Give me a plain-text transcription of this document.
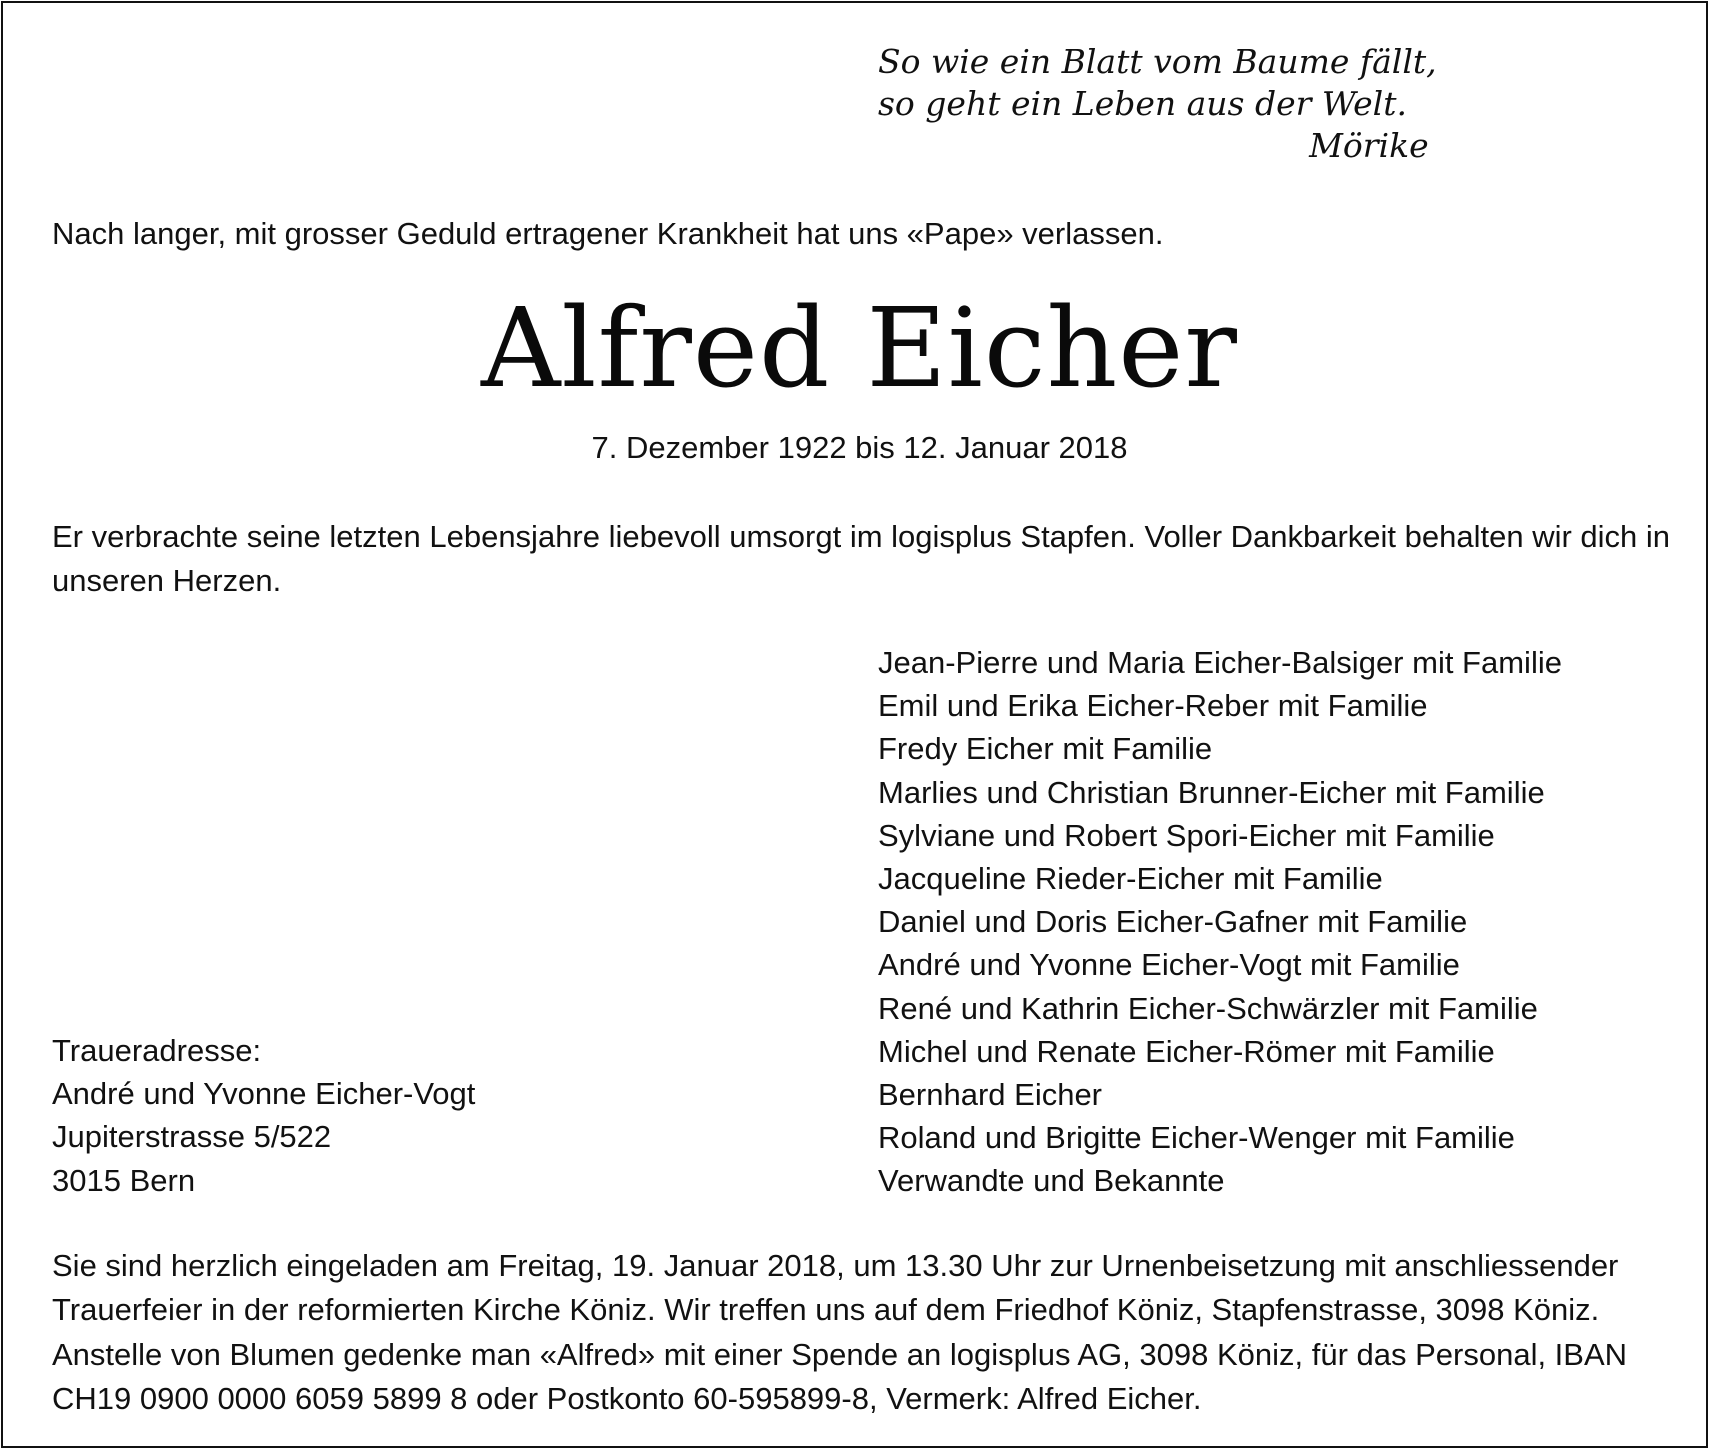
So wie ein Blatt vom Baume fällt,
so geht ein Leben aus der Welt.
Mörike
Nach langer, mit grosser Geduld ertragener Krankheit hat uns «Pape» verlassen.
Alfred Eicher
7. Dezember 1922 bis 12. Januar 2018

Er verbrachte seine letzten Lebensjahre liebevoll umsorgt im logisplus Stapfen. Voller Dankbarkeit behalten wir dich in unseren Herzen.

Jean-Pierre und Maria Eicher-Balsiger mit Familie
Emil und Erika Eicher-Reber mit Familie
Fredy Eicher mit Familie
Marlies und Christian Brunner-Eicher mit Familie
Sylviane und Robert Spori-Eicher mit Familie
Jacqueline Rieder-Eicher mit Familie
Daniel und Doris Eicher-Gafner mit Familie
André und Yvonne Eicher-Vogt mit Familie
René und Kathrin Eicher-Schwärzler mit Familie
Michel und Renate Eicher-Römer mit Familie
Bernhard Eicher
Roland und Brigitte Eicher-Wenger mit Familie
Verwandte und Bekannte
Traueradresse:
André und Yvonne Eicher-Vogt
Jupiterstrasse 5/522
3015 Bern

Sie sind herzlich eingeladen am Freitag, 19. Januar 2018, um 13.30 Uhr zur Urnenbeisetzung mit anschliessender Trauerfeier in der reformierten Kirche Köniz. Wir treffen uns auf dem Friedhof Köniz, Stapfenstrasse, 3098 Köniz.

Anstelle von Blumen gedenke man «Alfred» mit einer Spende an logisplus AG, 3098 Köniz, für das Personal, IBAN CH19 0900 0000 6059 5899 8 oder Postkonto 60-595899-8, Vermerk: Alfred Eicher.
